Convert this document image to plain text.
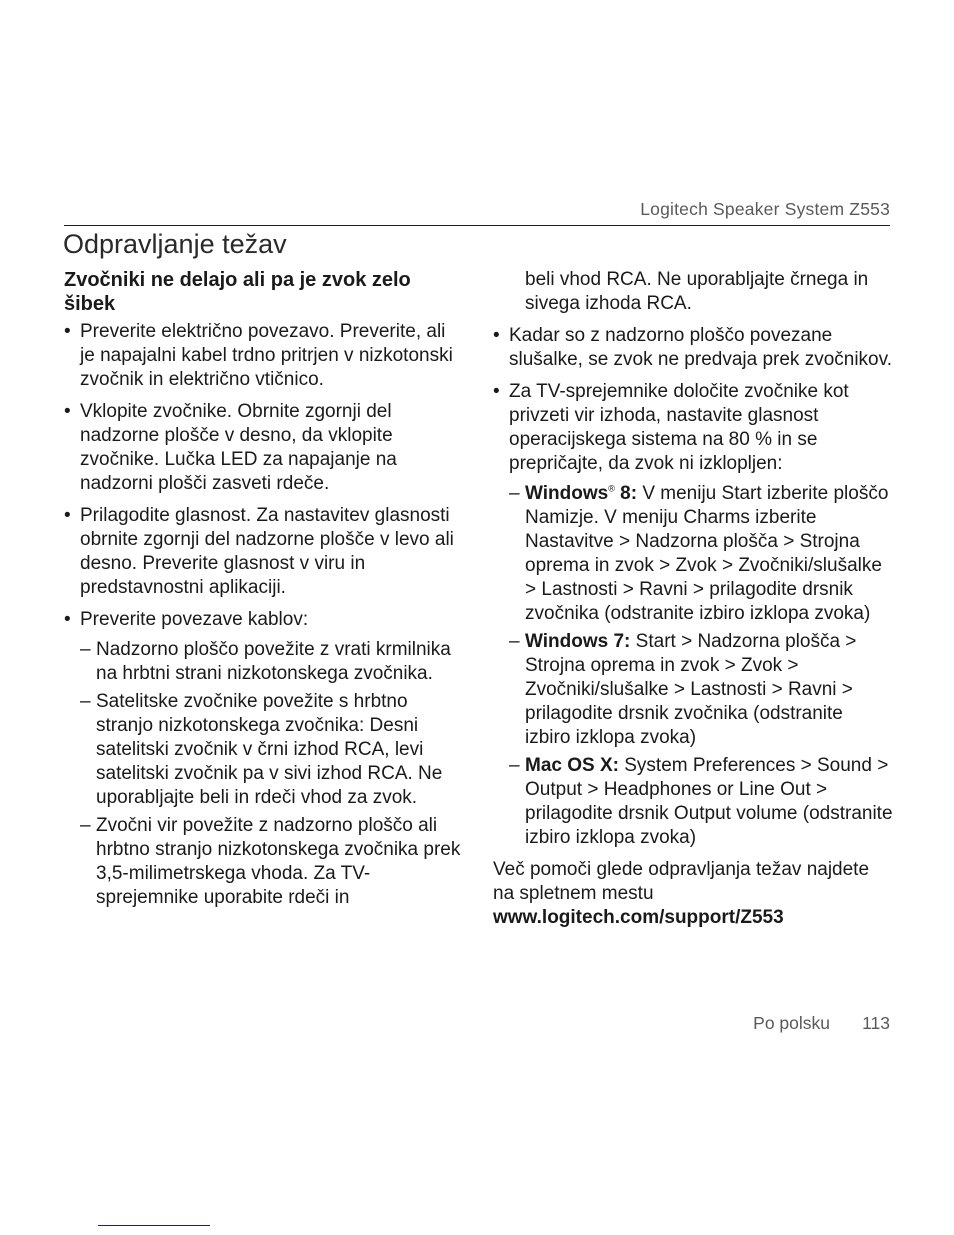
Logitech Speaker System Z553
Odpravljanje težav
Zvočniki ne delajo ali pa je zvok zelo šibek
• Preverite električno povezavo. Preverite, ali je napajalni kabel trdno pritrjen v nizkotonski zvočnik in električno vtičnico.
• Vklopite zvočnike. Obrnite zgornji del nadzorne plošče v desno, da vklopite zvočnike. Lučka LED za napajanje na nadzorni plošči zasveti rdeče.
• Prilagodite glasnost. Za nastavitev glasnosti obrnite zgornji del nadzorne plošče v levo ali desno. Preverite glasnost v viru in predstavnostni aplikaciji.
• Preverite povezave kablov:
– Nadzorno ploščo povežite z vrati krmilnika na hrbtni strani nizkotonskega zvočnika.
– Satelitske zvočnike povežite s hrbtno stranjo nizkotonskega zvočnika: Desni satelitski zvočnik v črni izhod RCA, levi satelitski zvočnik pa v sivi izhod RCA. Ne uporabljajte beli in rdeči vhod za zvok.
– Zvočni vir povežite z nadzorno ploščo ali hrbtno stranjo nizkotonskega zvočnika prek 3,5-milimetrskega vhoda. Za TV-sprejemnike uporabite rdeči in
beli vhod RCA. Ne uporabljajte črnega in sivega izhoda RCA.
• Kadar so z nadzorno ploščo povezane slušalke, se zvok ne predvaja prek zvočnikov.
• Za TV-sprejemnike določite zvočnike kot privzeti vir izhoda, nastavite glasnost operacijskega sistema na 80 % in se prepričajte, da zvok ni izklopljen:
– Windows® 8: V meniju Start izberite ploščo Namizje. V meniju Charms izberite Nastavitve > Nadzorna plošča > Strojna oprema in zvok > Zvok > Zvočniki/slušalke > Lastnosti > Ravni > prilagodite drsnik zvočnika (odstranite izbiro izklopa zvoka)
– Windows 7: Start > Nadzorna plošča > Strojna oprema in zvok > Zvok > Zvočniki/slušalke > Lastnosti > Ravni > prilagodite drsnik zvočnika (odstranite izbiro izklopa zvoka)
– Mac OS X: System Preferences > Sound > Output > Headphones or Line Out > prilagodite drsnik Output volume (odstranite izbiro izklopa zvoka)
Več pomoči glede odpravljanja težav najdete na spletnem mestu
www.logitech.com/support/Z553
Po polsku 113
